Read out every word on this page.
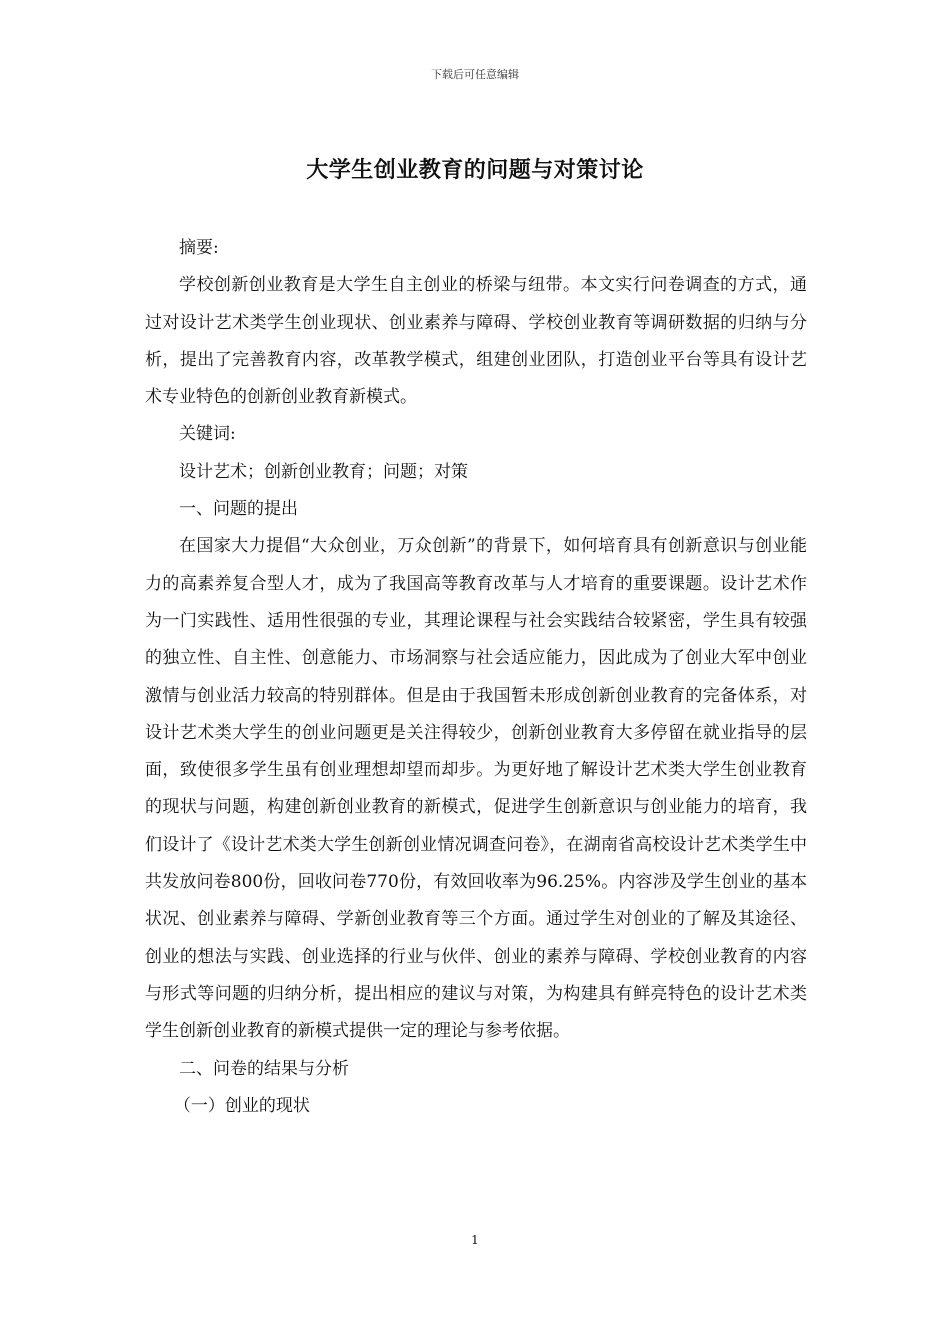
下载后可任意编辑
大学生创业教育的问题与对策讨论

摘要:

学校创新创业教育是大学生自主创业的桥梁与纽带。本文实行问卷调查的方式，通过对设计艺术类学生创业现状、创业素养与障碍、学校创业教育等调研数据的归纳与分析，提出了完善教育内容，改革教学模式，组建创业团队，打造创业平台等具有设计艺术专业特色的创新创业教育新模式。

关键词:

设计艺术；创新创业教育；问题；对策

一、问题的提出

在国家大力提倡“大众创业，万众创新”的背景下，如何培育具有创新意识与创业能力的高素养复合型人才，成为了我国高等教育改革与人才培育的重要课题。设计艺术作为一门实践性、适用性很强的专业，其理论课程与社会实践结合较紧密，学生具有较强的独立性、自主性、创意能力、市场洞察与社会适应能力，因此成为了创业大军中创业激情与创业活力较高的特别群体。但是由于我国暂未形成创新创业教育的完备体系，对设计艺术类大学生的创业问题更是关注得较少，创新创业教育大多停留在就业指导的层面，致使很多学生虽有创业理想却望而却步。为更好地了解设计艺术类大学生创业教育的现状与问题，构建创新创业教育的新模式，促进学生创新意识与创业能力的培育，我们设计了《设计艺术类大学生创新创业情况调查问卷》，在湖南省高校设计艺术类学生中共发放问卷800份，回收问卷770份，有效回收率为96.25%。内容涉及学生创业的基本状况、创业素养与障碍、学新创业教育等三个方面。通过学生对创业的了解及其途径、创业的想法与实践、创业选择的行业与伙伴、创业的素养与障碍、学校创业教育的内容与形式等问题的归纳分析，提出相应的建议与对策，为构建具有鲜亮特色的设计艺术类学生创新创业教育的新模式提供一定的理论与参考依据。

二、问卷的结果与分析

（一）创业的现状

1
